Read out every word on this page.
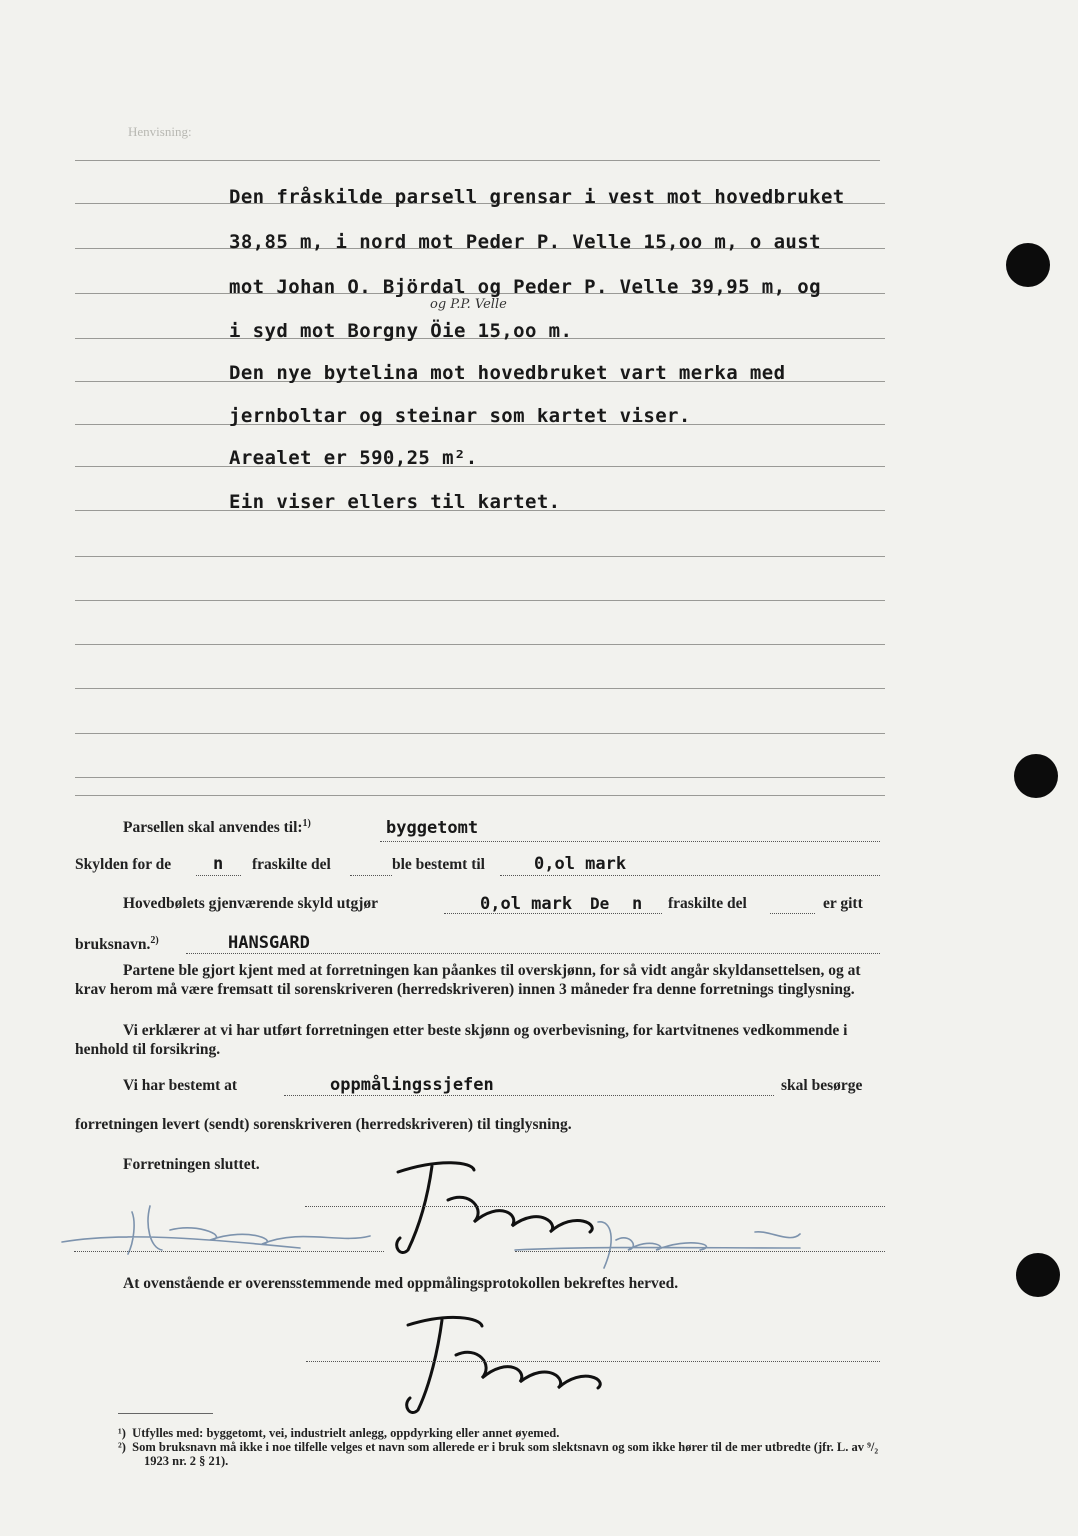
Henvisning:
Den fråskilde parsell grensar i vest mot hovedbruket
38,85 m, i nord mot Peder P. Velle 15,oo m, o aust
mot Johan O. Björdal og Peder P. Velle 39,95 m, og
og P.P. Velle
i syd mot Borgny Öie 15,oo m.
Den nye bytelina mot hovedbruket vart merka med
jernboltar og steinar som kartet viser.
Arealet er 590,25 m².
Ein viser ellers til kartet.
Parsellen skal anvendes til:$^{1)}$	byggetomt
Skylden for de n fraskilte del	ble bestemt til	0,ol mark
Hovedbølets gjenværende skyld utgjør	0,ol mark De n fraskilte del	er gitt
bruksnavn.$^{2)}$	HANSGARD

Partene ble gjort kjent med at forretningen kan påankes til overskjønn, for så vidt angår skyldansettelsen, og at krav herom må være fremsatt til sorenskriveren (herredskriveren) innen 3 måneder fra denne forretnings tinglysning.

Vi erklærer at vi har utført forretningen etter beste skjønn og overbevisning, for kartvitnenes vedkommende i henhold til forsikring.

Vi har bestemt at	oppmålingssjefen	skal besørge
forretningen levert (sendt) sorenskriveren (herredskriveren) til tinglysning.
Forretningen sluttet.
At ovenstående er overensstemmende med oppmålingsprotokollen bekreftes herved.

¹) Utfylles med: byggetomt, vei, industrielt anlegg, oppdyrking eller annet øyemed.

²) Som bruksnavn må ikke i noe tilfelle velges et navn som allerede er i bruk som slektsnavn og som ikke hører til de mer utbredte (jfr. L. av ⁹/₂ 1923 nr. 2 § 21).
